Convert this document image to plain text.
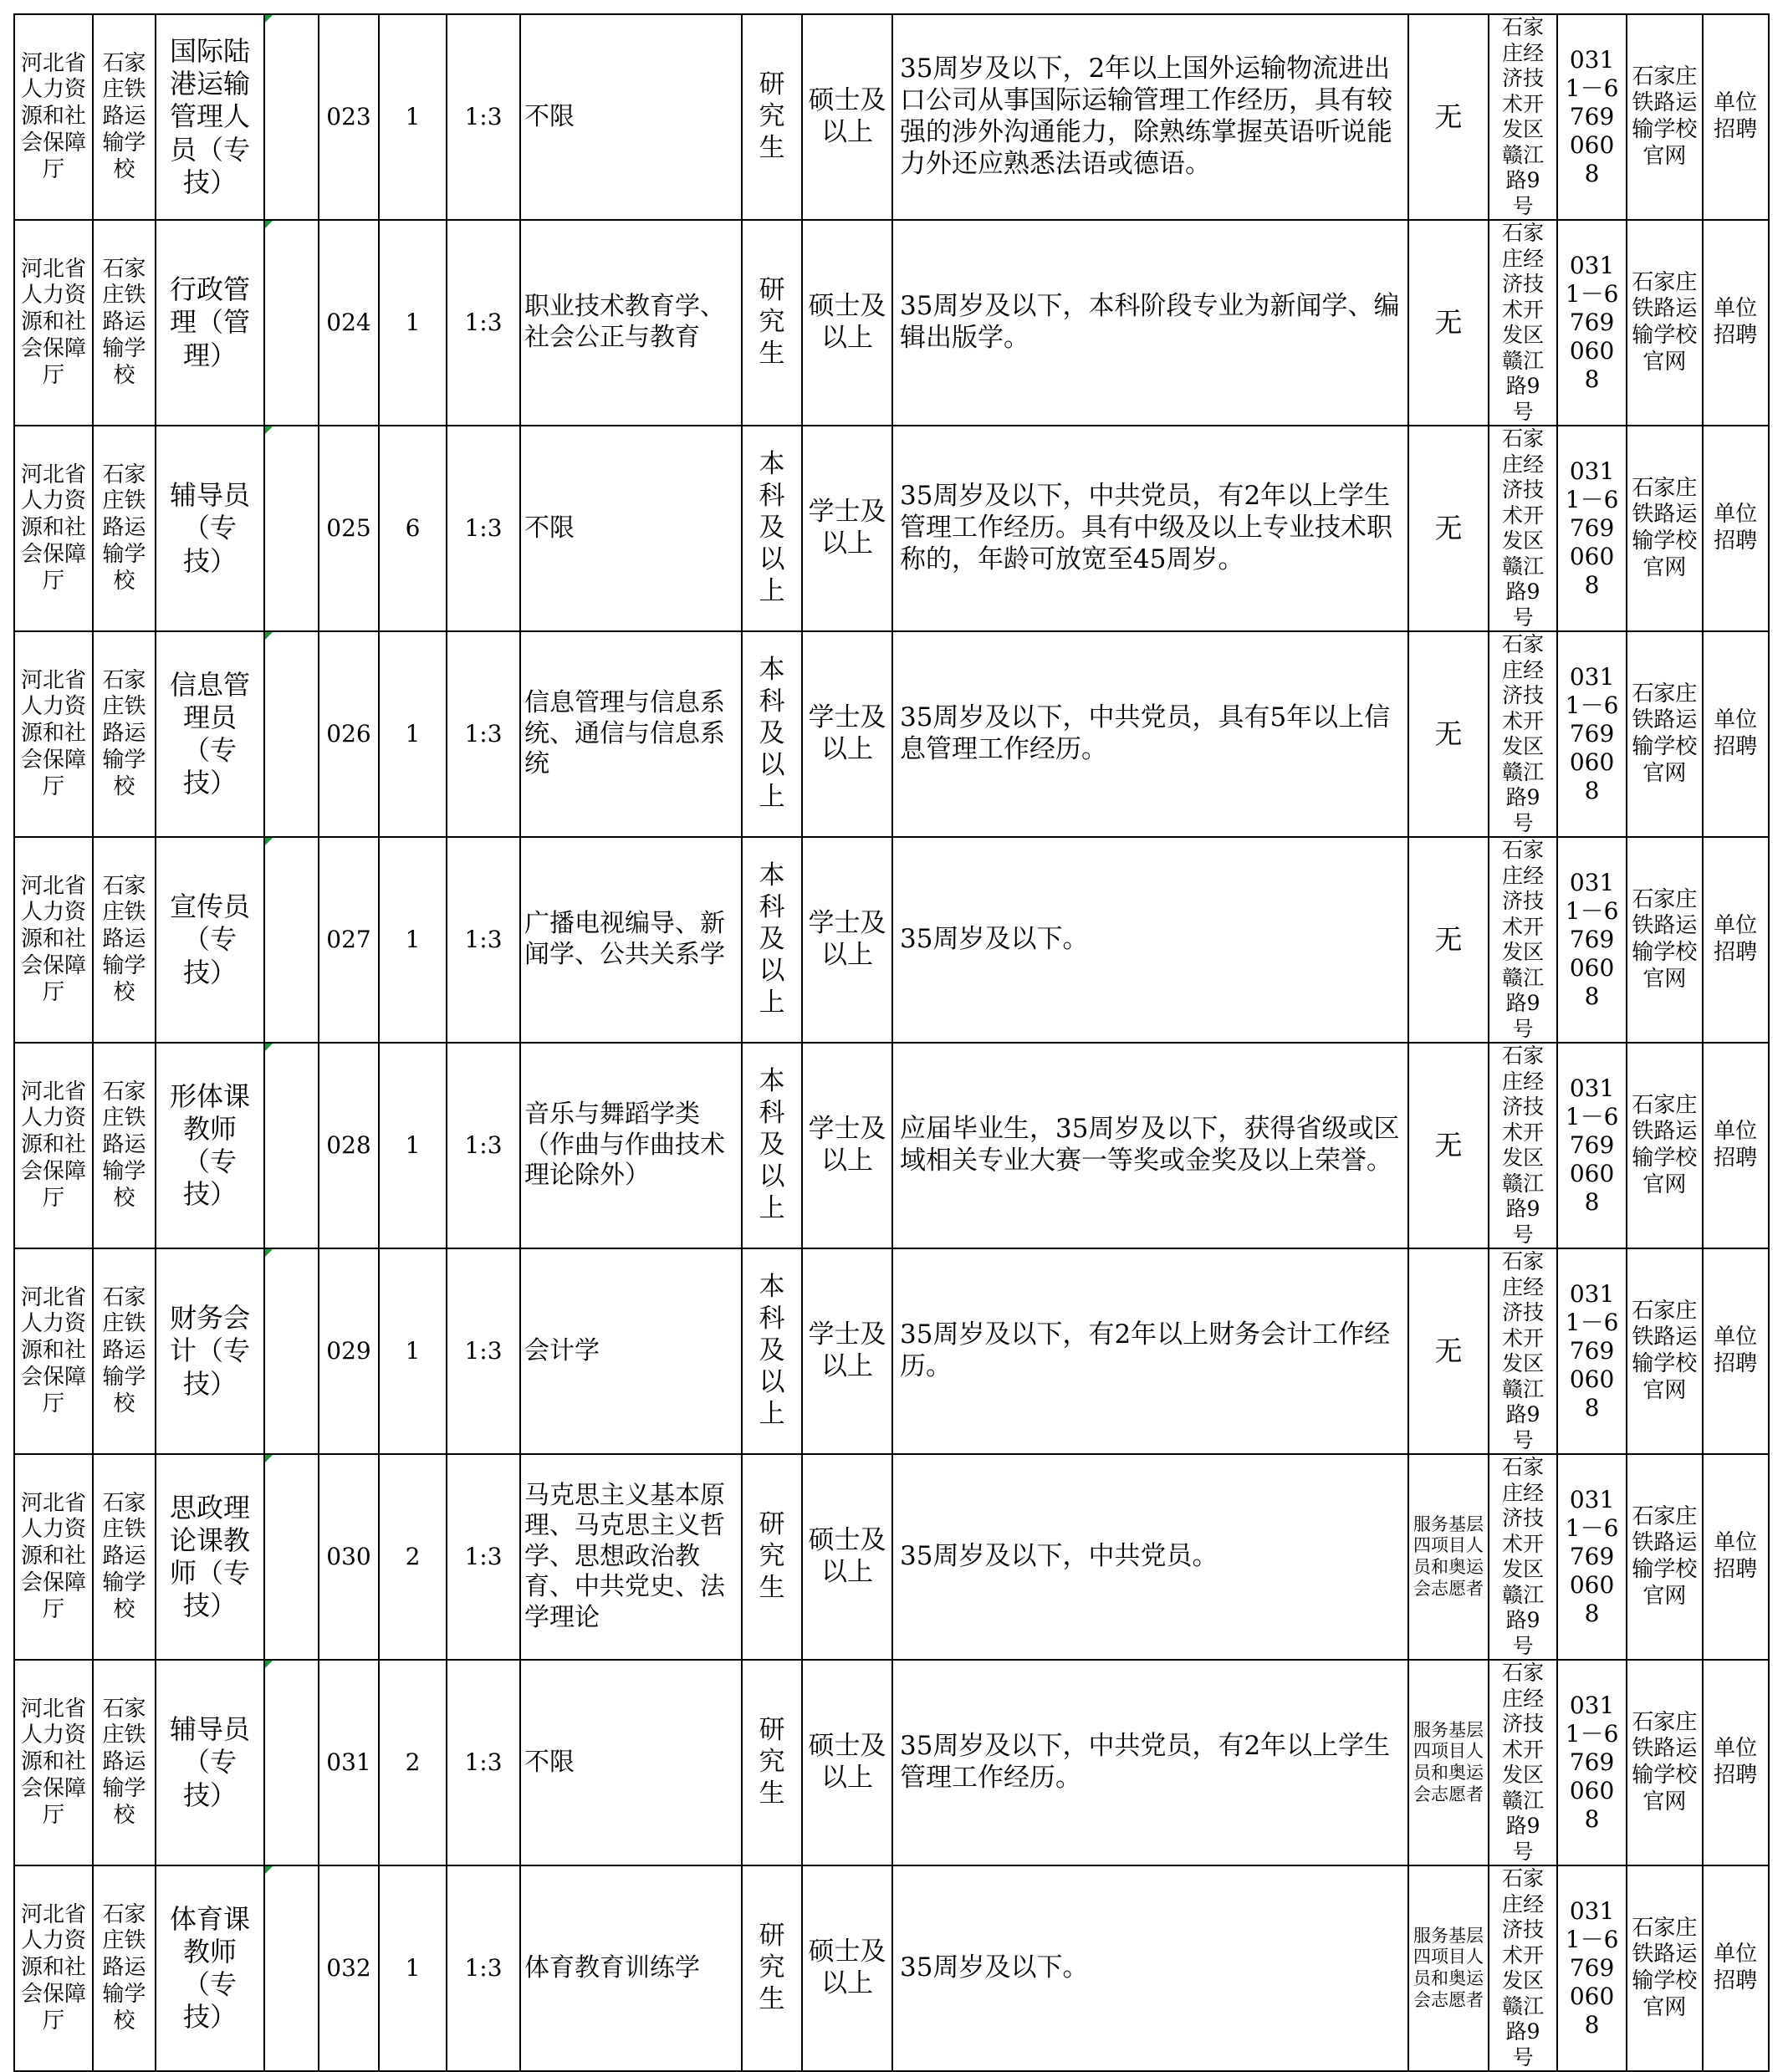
河北省人力资源和社会保障厅	石家庄铁路运输学校	国际陆港运输管理人员（专技）		023	1	1:3	不限	研究生	硕士及以上	35周岁及以下，2年以上国外运输物流进出口公司从事国际运输管理工作经历，具有较强的涉外沟通能力，除熟练掌握英语听说能力外还应熟悉法语或德语。	无	石家庄经济技术开发区赣江路9号	0311－67690608	石家庄铁路运输学校官网	单位招聘
河北省人力资源和社会保障厅	石家庄铁路运输学校	行政管理（管理）		024	1	1:3	职业技术教育学、社会公正与教育	研究生	硕士及以上	35周岁及以下，本科阶段专业为新闻学、编辑出版学。	无	石家庄经济技术开发区赣江路9号	0311－67690608	石家庄铁路运输学校官网	单位招聘
河北省人力资源和社会保障厅	石家庄铁路运输学校	辅导员（专技）		025	6	1:3	不限	本科及以上	学士及以上	35周岁及以下，中共党员，有2年以上学生管理工作经历。具有中级及以上专业技术职称的，年龄可放宽至45周岁。	无	石家庄经济技术开发区赣江路9号	0311－67690608	石家庄铁路运输学校官网	单位招聘
河北省人力资源和社会保障厅	石家庄铁路运输学校	信息管理员（专技）		026	1	1:3	信息管理与信息系统、通信与信息系统	本科及以上	学士及以上	35周岁及以下，中共党员，具有5年以上信息管理工作经历。	无	石家庄经济技术开发区赣江路9号	0311－67690608	石家庄铁路运输学校官网	单位招聘
河北省人力资源和社会保障厅	石家庄铁路运输学校	宣传员（专技）		027	1	1:3	广播电视编导、新闻学、公共关系学	本科及以上	学士及以上	35周岁及以下。	无	石家庄经济技术开发区赣江路9号	0311－67690608	石家庄铁路运输学校官网	单位招聘
河北省人力资源和社会保障厅	石家庄铁路运输学校	形体课教师（专技）		028	1	1:3	音乐与舞蹈学类（作曲与作曲技术理论除外）	本科及以上	学士及以上	应届毕业生，35周岁及以下，获得省级或区域相关专业大赛一等奖或金奖及以上荣誉。	无	石家庄经济技术开发区赣江路9号	0311－67690608	石家庄铁路运输学校官网	单位招聘
河北省人力资源和社会保障厅	石家庄铁路运输学校	财务会计（专技）		029	1	1:3	会计学	本科及以上	学士及以上	35周岁及以下，有2年以上财务会计工作经历。	无	石家庄经济技术开发区赣江路9号	0311－67690608	石家庄铁路运输学校官网	单位招聘
河北省人力资源和社会保障厅	石家庄铁路运输学校	思政理论课教师（专技）		030	2	1:3	马克思主义基本原理、马克思主义哲学、思想政治教育、中共党史、法学理论	研究生	硕士及以上	35周岁及以下，中共党员。	服务基层四项目人员和奥运会志愿者	石家庄经济技术开发区赣江路9号	0311－67690608	石家庄铁路运输学校官网	单位招聘
河北省人力资源和社会保障厅	石家庄铁路运输学校	辅导员（专技）		031	2	1:3	不限	研究生	硕士及以上	35周岁及以下，中共党员，有2年以上学生管理工作经历。	服务基层四项目人员和奥运会志愿者	石家庄经济技术开发区赣江路9号	0311－67690608	石家庄铁路运输学校官网	单位招聘
河北省人力资源和社会保障厅	石家庄铁路运输学校	体育课教师（专技）		032	1	1:3	体育教育训练学	研究生	硕士及以上	35周岁及以下。	服务基层四项目人员和奥运会志愿者	石家庄经济技术开发区赣江路9号	0311－67690608	石家庄铁路运输学校官网	单位招聘
